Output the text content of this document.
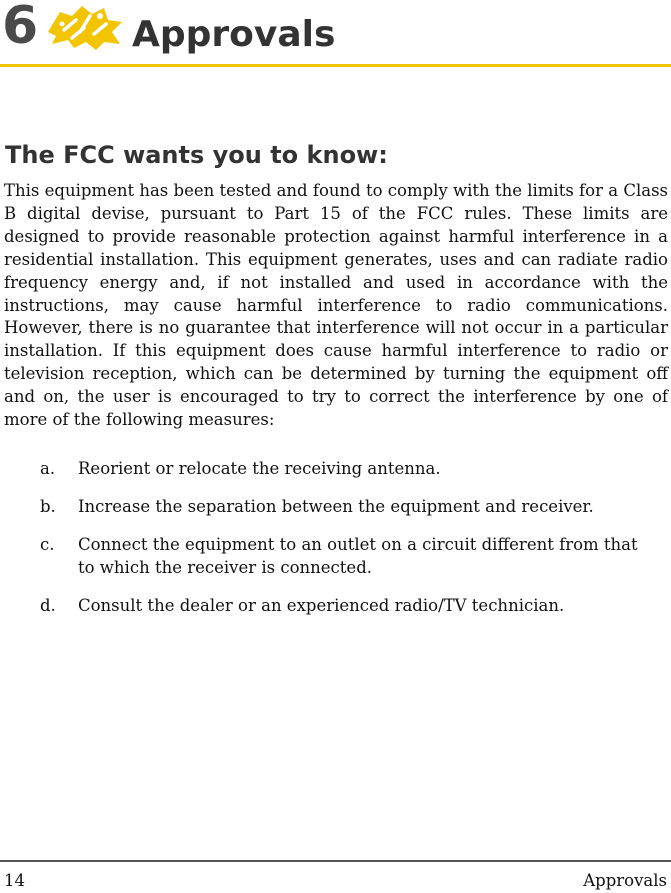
6	Approvals
The FCC wants you to know:

This equipment has been tested and found to comply with the limits for a Class B digital devise, pursuant to Part 15 of the FCC rules. These limits are designed to provide reasonable protection against harmful interference in a residential installation. This equipment generates, uses and can radiate radio frequency energy and, if not installed and used in accordance with the instructions, may cause harmful interference to radio communications. However, there is no guarantee that interference will not occur in a particular installation. If this equipment does cause harmful interference to radio or television reception, which can be determined by turning the equipment off and on, the user is encouraged to try to correct the interference by one of more of the following measures:

a. Reorient or relocate the receiving antenna.
b. Increase the separation between the equipment and receiver.
c. Connect the equipment to an outlet on a circuit different from that to which the receiver is connected.
d. Consult the dealer or an experienced radio/TV technician.
14	Approvals
